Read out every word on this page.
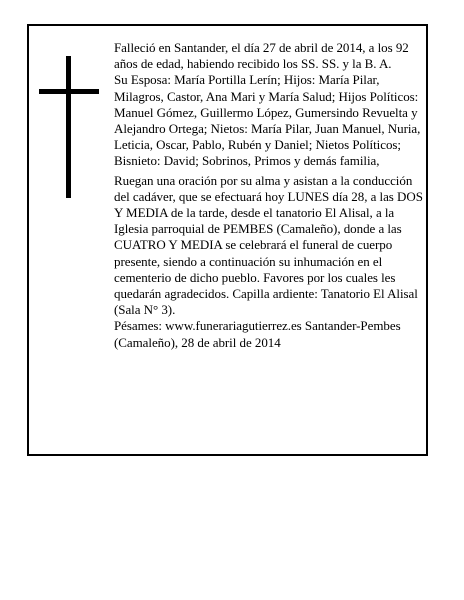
Falleció en Santander, el día 27 de abril de 2014, a los 92 años de edad, habiendo recibido los SS. SS. y la B. A.

Su Esposa: María Portilla Lerín; Hijos: María Pilar, Milagros, Castor, Ana Mari y María Salud; Hijos Políticos: Manuel Gómez, Guillermo López, Gumersindo Revuelta y Alejandro Ortega; Nietos: María Pilar, Juan Manuel, Nuria, Leticia, Oscar, Pablo, Rubén y Daniel; Nietos Políticos; Bisnieto: David; Sobrinos, Primos y demás familia,

Ruegan una oración por su alma y asistan a la conducción del cadáver, que se efectuará hoy LUNES día 28, a las DOS Y MEDIA de la tarde, desde el tanatorio El Alisal, a la Iglesia parroquial de PEMBES (Camaleño), donde a las CUATRO Y MEDIA se celebrará el funeral de cuerpo presente, siendo a continuación su inhumación en el cementerio de dicho pueblo. Favores por los cuales les quedarán agradecidos. Capilla ardiente: Tanatorio El Alisal (Sala N° 3).

Pésames: www.funerariagutierrez.es Santander-Pembes (Camaleño), 28 de abril de 2014
